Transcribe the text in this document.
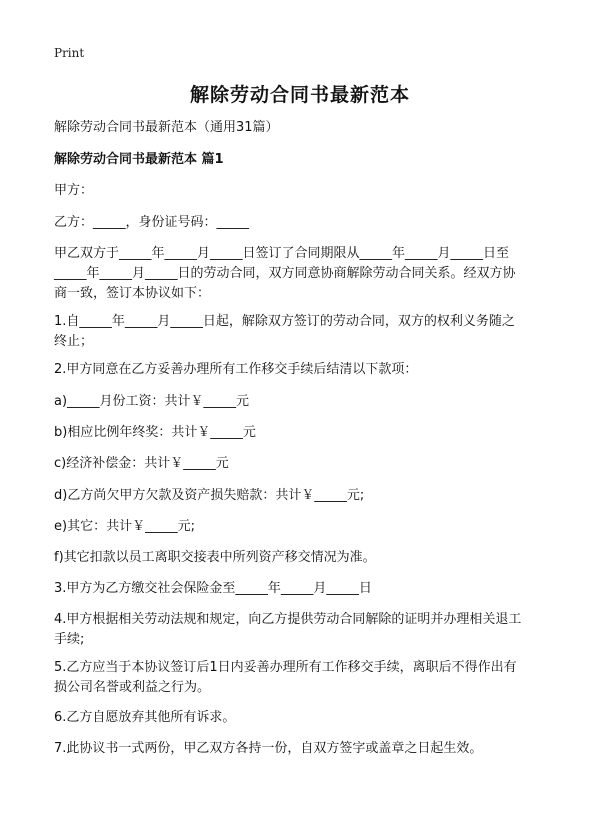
Print
解除劳动合同书最新范本
解除劳动合同书最新范本（通用31篇）
解除劳动合同书最新范本 篇1
甲方：
乙方：_____，身份证号码：_____
甲乙双方于_____年_____月_____日签订了合同期限从_____年_____月_____日至
_____年_____月_____日的劳动合同，双方同意协商解除劳动合同关系。经双方协
商一致，签订本协议如下：
1.自_____年_____月_____日起，解除双方签订的劳动合同，双方的权利义务随之
终止；
2.甲方同意在乙方妥善办理所有工作移交手续后结清以下款项：
a)_____月份工资：共计￥_____元
b)相应比例年终奖：共计￥_____元
c)经济补偿金：共计￥_____元
d)乙方尚欠甲方欠款及资产损失赔款：共计￥_____元;
e)其它：共计￥_____元;
f)其它扣款以员工离职交接表中所列资产移交情况为准。
3.甲方为乙方缴交社会保险金至_____年_____月_____日
4.甲方根据相关劳动法规和规定，向乙方提供劳动合同解除的证明并办理相关退工
手续;
5.乙方应当于本协议签订后1日内妥善办理所有工作移交手续，离职后不得作出有
损公司名誉或利益之行为。
6.乙方自愿放弃其他所有诉求。
7.此协议书一式两份，甲乙双方各持一份，自双方签字或盖章之日起生效。
